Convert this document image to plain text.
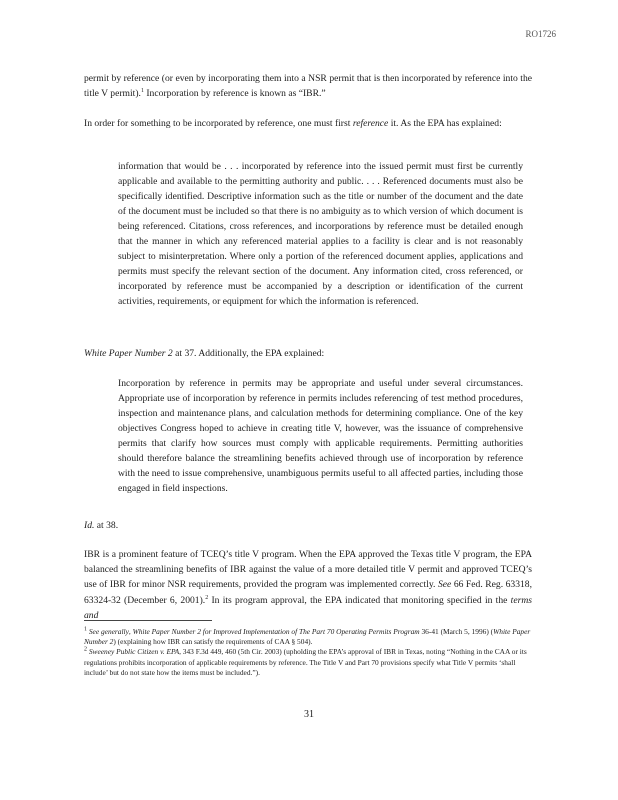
RO1726

permit by reference (or even by incorporating them into a NSR permit that is then incorporated by reference into the title V permit).$^1$ Incorporation by reference is known as “IBR.”

In order for something to be incorporated by reference, one must first reference it. As the EPA has explained:

information that would be . . . incorporated by reference into the issued permit must first be currently applicable and available to the permitting authority and public. . . . Referenced documents must also be specifically identified. Descriptive information such as the title or number of the document and the date of the document must be included so that there is no ambiguity as to which version of which document is being referenced. Citations, cross references, and incorporations by reference must be detailed enough that the manner in which any referenced material applies to a facility is clear and is not reasonably subject to misinterpretation. Where only a portion of the referenced document applies, applications and permits must specify the relevant section of the document. Any information cited, cross referenced, or incorporated by reference must be accompanied by a description or identification of the current activities, requirements, or equipment for which the information is referenced.

White Paper Number 2 at 37. Additionally, the EPA explained:

Incorporation by reference in permits may be appropriate and useful under several circumstances. Appropriate use of incorporation by reference in permits includes referencing of test method procedures, inspection and maintenance plans, and calculation methods for determining compliance. One of the key objectives Congress hoped to achieve in creating title V, however, was the issuance of comprehensive permits that clarify how sources must comply with applicable requirements. Permitting authorities should therefore balance the streamlining benefits achieved through use of incorporation by reference with the need to issue comprehensive, unambiguous permits useful to all affected parties, including those engaged in field inspections.

Id. at 38.

IBR is a prominent feature of TCEQ’s title V program. When the EPA approved the Texas title V program, the EPA balanced the streamlining benefits of IBR against the value of a more detailed title V permit and approved TCEQ’s use of IBR for minor NSR requirements, provided the program was implemented correctly. See 66 Fed. Reg. 63318, 63324-32 (December 6, 2001).$^2$ In its program approval, the EPA indicated that monitoring specified in the terms and

$^1$ See generally, White Paper Number 2 for Improved Implementation of The Part 70 Operating Permits Program 36-41 (March 5, 1996) (White Paper Number 2) (explaining how IBR can satisfy the requirements of CAA § 504).

$^2$ Sweeney Public Citizen v. EPA, 343 F.3d 449, 460 (5th Cir. 2003) (upholding the EPA’s approval of IBR in Texas, noting “Nothing in the CAA or its regulations prohibits incorporation of applicable requirements by reference. The Title V and Part 70 provisions specify what Title V permits ‘shall include’ but do not state how the items must be included.”).

31
